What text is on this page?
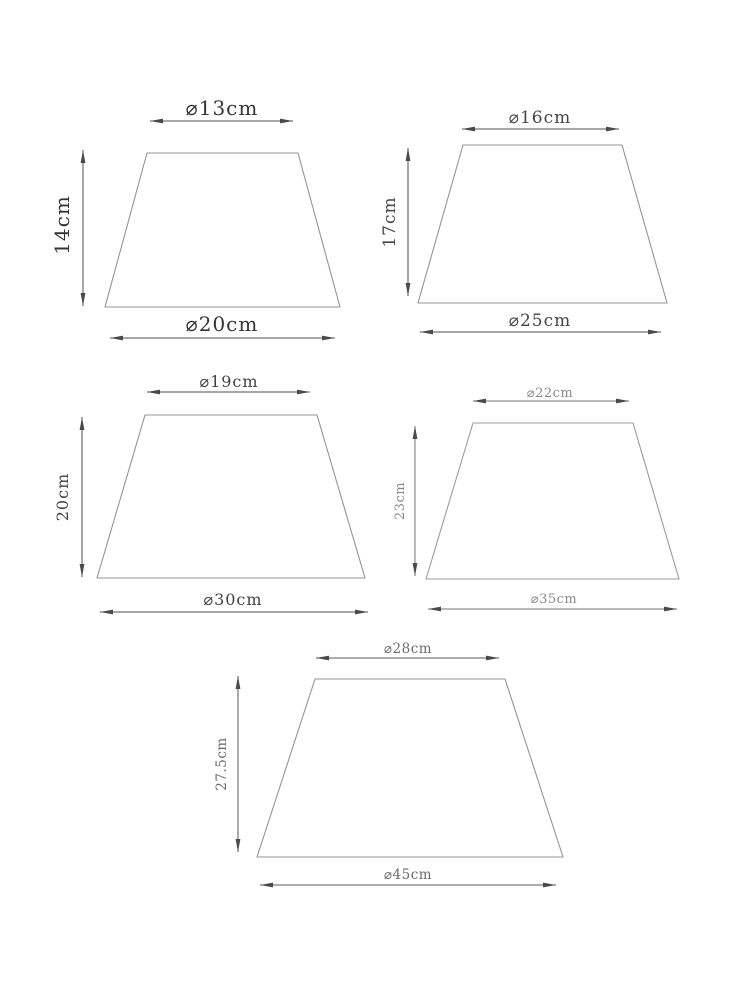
⌀13cm
14cm
⌀20cm
⌀16cm
17cm
⌀25cm
⌀19cm
20cm
⌀30cm
⌀22cm
23cm
⌀35cm
⌀28cm
27.5cm
⌀45cm
